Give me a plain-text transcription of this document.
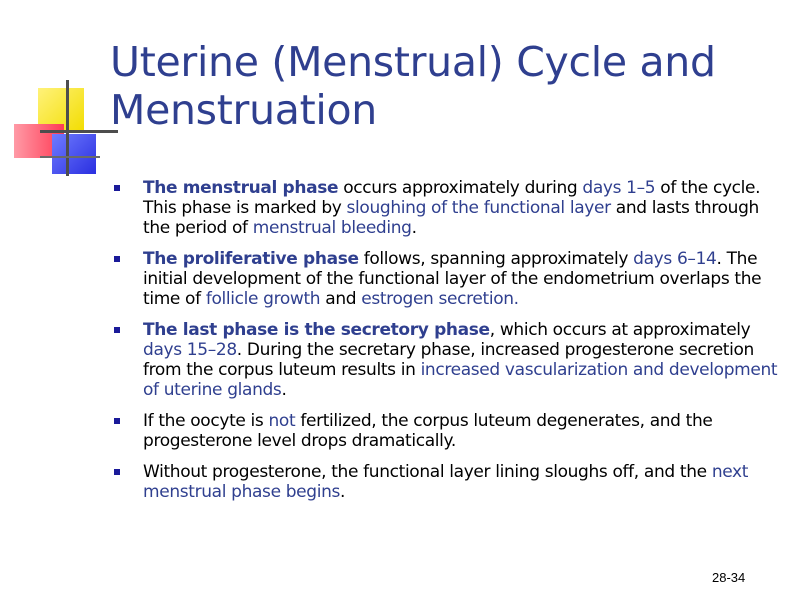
Uterine (Menstrual) Cycle and Menstruation
The menstrual phase occurs approximately during days 1–5 of the cycle. This phase is marked by sloughing of the functional layer and lasts through the period of menstrual bleeding.
The proliferative phase follows, spanning approximately days 6–14. The initial development of the functional layer of the endometrium overlaps the time of follicle growth and estrogen secretion.
The last phase is the secretory phase, which occurs at approximately days 15–28. During the secretary phase, increased progesterone secretion from the corpus luteum results in increased vascularization and development of uterine glands.
If the oocyte is not fertilized, the corpus luteum degenerates, and the progesterone level drops dramatically.
Without progesterone, the functional layer lining sloughs off, and the next menstrual phase begins.
28-34
